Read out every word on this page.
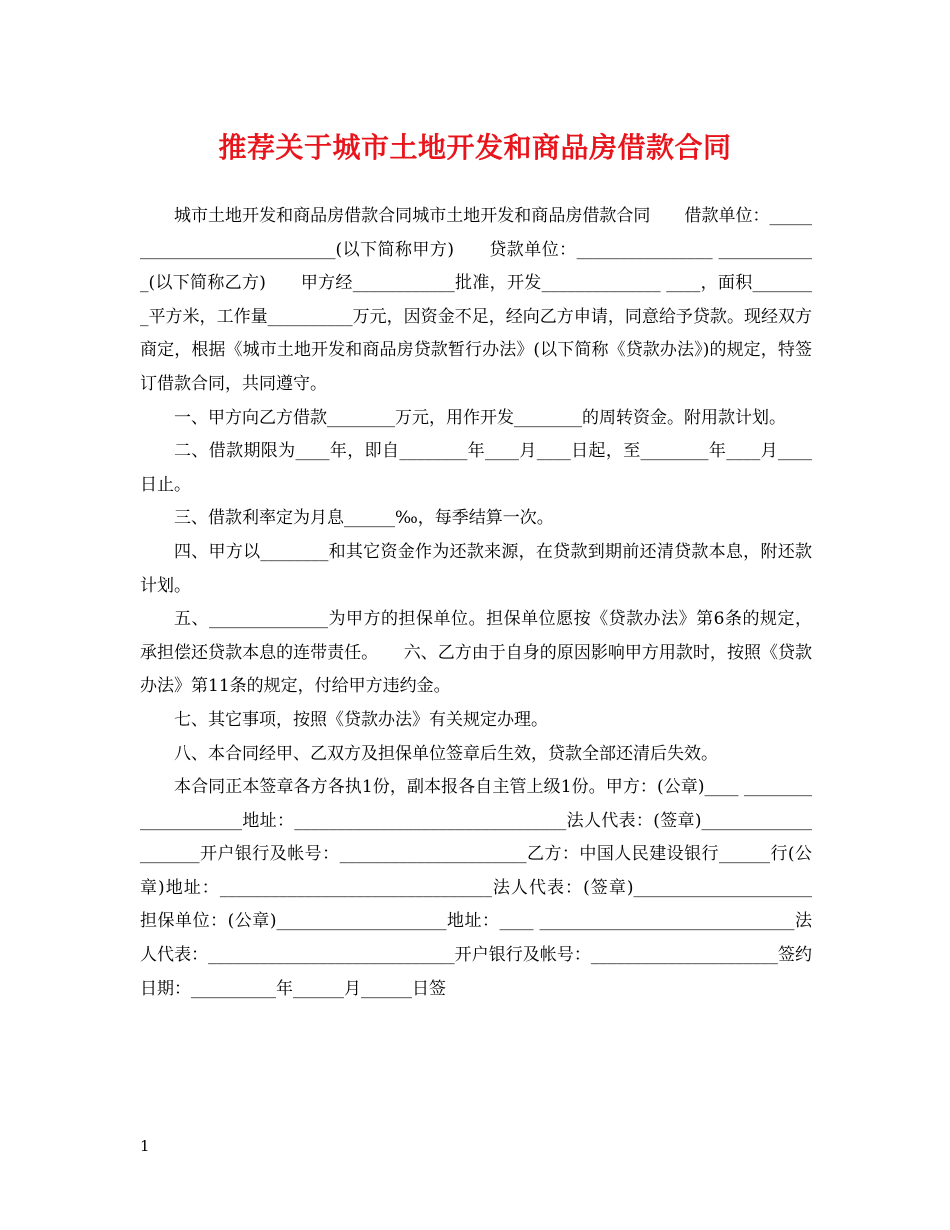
推荐关于城市土地开发和商品房借款合同

城市土地开发和商品房借款合同城市土地开发和商品房借款合同　　借款单位：____________________________(以下简称甲方)　　贷款单位：________________ ____________(以下简称乙方)　　甲方经____________批准，开发______________ ____，面积________平方米，工作量__________万元，因资金不足，经向乙方申请，同意给予贷款。现经双方商定，根据《城市土地开发和商品房贷款暂行办法》(以下简称《贷款办法》)的规定，特签订借款合同，共同遵守。

一、甲方向乙方借款________万元，用作开发________的周转资金。附用款计划。

二、借款期限为____年，即自________年____月____日起，至________年____月____日止。

三、借款利率定为月息______‰，每季结算一次。

四、甲方以________和其它资金作为还款来源，在贷款到期前还清贷款本息，附还款计划。

五、______________为甲方的担保单位。担保单位愿按《贷款办法》第6条的规定，承担偿还贷款本息的连带责任。　　六、乙方由于自身的原因影响甲方用款时，按照《贷款办法》第11条的规定，付给甲方违约金。

七、其它事项，按照《贷款办法》有关规定办理。

八、本合同经甲、乙双方及担保单位签章后生效，贷款全部还清后失效。

本合同正本签章各方各执1份，副本报各自主管上级1份。甲方：(公章)____ ____________________地址：________________________________法人代表：(签章)____________________开户银行及帐号：______________________乙方：中国人民建设银行______行(公章)地址：________________________________法人代表：(签章)_____________________担保单位：(公章)____________________地址：____ ______________________________法人代表：_____________________________开户银行及帐号：______________________签约日期：__________年______月______日签

1
